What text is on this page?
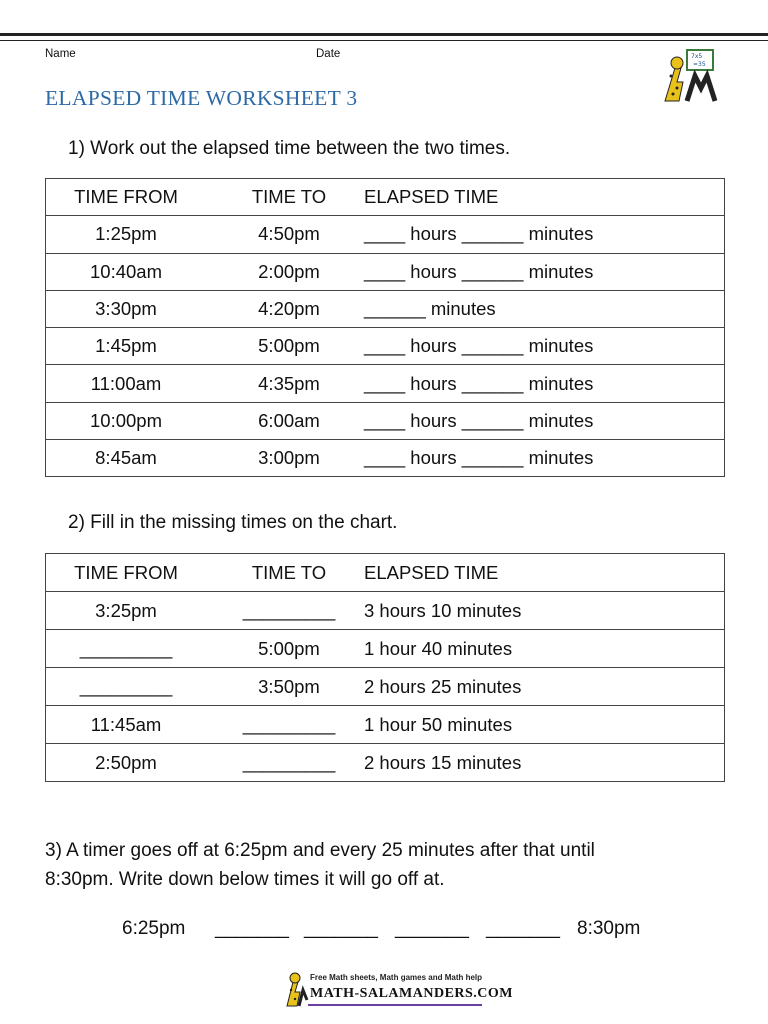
Name	Date
ELAPSED TIME WORKSHEET 3
7x5
=35
1) Work out the elapsed time between the two times.
TIME FROM	TIME TO	ELAPSED TIME

1:25pm	4:50pm	____ hours ______ minutes

10:40am	2:00pm	____ hours ______ minutes

3:30pm	4:20pm	______ minutes

1:45pm	5:00pm	____ hours ______ minutes

11:00am	4:35pm	____ hours ______ minutes

10:00pm	6:00am	____ hours ______ minutes

8:45am	3:00pm	____ hours ______ minutes
2) Fill in the missing times on the chart.
TIME FROM	TIME TO	ELAPSED TIME

3:25pm	_________	3 hours 10 minutes

_________	5:00pm	1 hour 40 minutes

_________	3:50pm	2 hours 25 minutes

11:45am	_________	1 hour 50 minutes

2:50pm	_________	2 hours 15 minutes
3) A timer goes off at 6:25pm and every 25 minutes after that until
8:30pm. Write down below times it will go off at.
6:25pm _______ _______ _______ _______ 8:30pm
Free Math sheets, Math games and Math help
MATH-SALAMANDERS.COM
